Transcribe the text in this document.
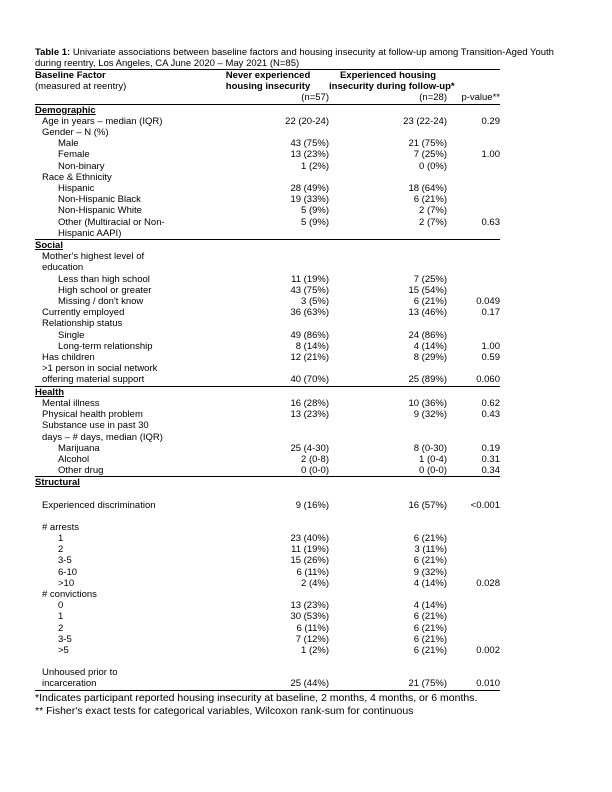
Table 1: Univariate associations between baseline factors and housing insecurity at follow-up among Transition-Aged Youth during reentry, Los Angeles, CA June 2020 – May 2021 (N=85)
Baseline Factor	Never experienced	Experienced housing	
(measured at reentry)	housing insecurity	insecurity during follow-up*	
	(n=57)	(n=28)	p-value**
Demographic			
Age in years – median (IQR)	22 (20-24)	23 (22-24)	0.29
Gender – N (%)			
Male	43 (75%)	21 (75%)	
Female	13 (23%)	7 (25%)	1.00
Non-binary	1 (2%)	0 (0%)	
Race & Ethnicity			
Hispanic	28 (49%)	18 (64%)	
Non-Hispanic Black	19 (33%)	6 (21%)	
Non-Hispanic White	5 (9%)	2 (7%)	
Other (Multiracial or Non-	5 (9%)	2 (7%)	0.63
Hispanic AAPI)			
Social			
Mother's highest level of			
education			
Less than high school	11 (19%)	7 (25%)	
High school or greater	43 (75%)	15 (54%)	
Missing / don't know	3 (5%)	6 (21%)	0.049
Currently employed	36 (63%)	13 (46%)	0.17
Relationship status			
Single	49 (86%)	24 (86%)	
Long-term relationship	8 (14%)	4 (14%)	1.00
Has children	12 (21%)	8 (29%)	0.59
>1 person in social network			
offering material support	40 (70%)	25 (89%)	0.060
Health			
Mental illness	16 (28%)	10 (36%)	0.62
Physical health problem	13 (23%)	9 (32%)	0.43
Substance use in past 30			
days – # days, median (IQR)			
Marijuana	25 (4-30)	8 (0-30)	0.19
Alcohol	2 (0-8)	1 (0-4)	0.31
Other drug	0 (0-0)	0 (0-0)	0.34
Structural			

Experienced discrimination	9 (16%)	16 (57%)	<0.001

# arrests			
1	23 (40%)	6 (21%)	
2	11 (19%)	3 (11%)	
3-5	15 (26%)	6 (21%)	
6-10	6 (11%)	9 (32%)	
>10	2 (4%)	4 (14%)	0.028
# convictions			
0	13 (23%)	4 (14%)	
1	30 (53%)	6 (21%)	
2	6 (11%)	6 (21%)	
3-5	7 (12%)	6 (21%)	
>5	1 (2%)	6 (21%)	0.002

Unhoused prior to			
incarceration	25 (44%)	21 (75%)	0.010
*Indicates participant reported housing insecurity at baseline, 2 months, 4 months, or 6 months.
** Fisher's exact tests for categorical variables, Wilcoxon rank-sum for continuous
